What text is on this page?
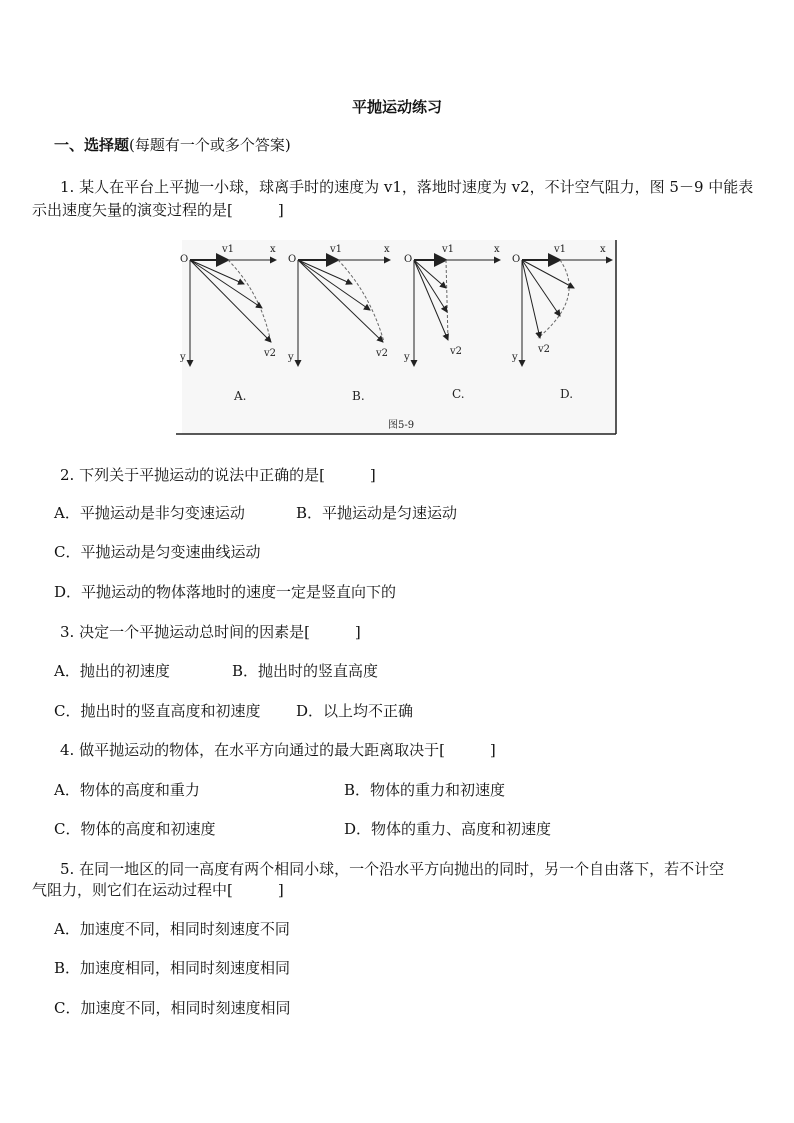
平抛运动练习
一、选择题(每题有一个或多个答案)
1. 某人在平台上平抛一小球，球离手时的速度为 v1，落地时速度为 v2，不计空气阻力，图 5－9 中能表
示出速度矢量的演变过程的是[　　　]
O
v1	x
y	v2
A.
O
v1	x
y	v2
B.
O
v1	x
y
v2
C.
O
v1	x
y
v2
D.
图5-9
2. 下列关于平抛运动的说法中正确的是[　　　]
A．平抛运动是非匀变速运动	B．平抛运动是匀速运动
C．平抛运动是匀变速曲线运动
D．平抛运动的物体落地时的速度一定是竖直向下的
3. 决定一个平抛运动总时间的因素是[　　　]
A．抛出的初速度	B．抛出时的竖直高度
C．抛出时的竖直高度和初速度 D．以上均不正确
4. 做平抛运动的物体，在水平方向通过的最大距离取决于[　　　]
A．物体的高度和重力	B．物体的重力和初速度
C．物体的高度和初速度	D．物体的重力、高度和初速度
5. 在同一地区的同一高度有两个相同小球，一个沿水平方向抛出的同时，另一个自由落下，若不计空
气阻力，则它们在运动过程中[　　　]
A．加速度不同，相同时刻速度不同
B．加速度相同，相同时刻速度相同
C．加速度不同，相同时刻速度相同
